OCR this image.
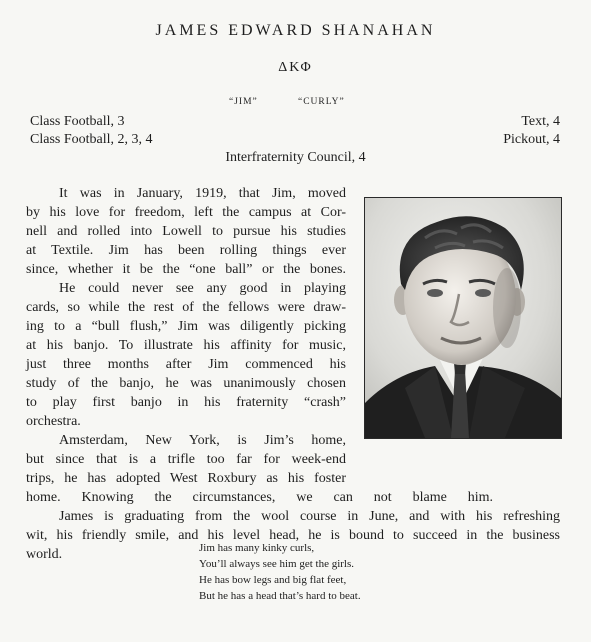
JAMES EDWARD SHANAHAN
ΔΚΦ
“JIM”	“CURLY”
Class Football, 3
Class Football, 2, 3, 4
Text, 4
Pickout, 4
Interfraternity Council, 4
It was in January, 1919, that Jim, moved
by his love for freedom, left the campus at Cor-
nell and rolled into Lowell to pursue his studies
at Textile. Jim has been rolling things ever
since, whether it be the “one ball” or the bones.
He could never see any good in playing
cards, so while the rest of the fellows were draw-
ing to a “bull flush,” Jim was diligently picking
at his banjo. To illustrate his affinity for music,
just three months after Jim commenced his
study of the banjo, he was unanimously chosen
to play first banjo in his fraternity “crash”
orchestra.
Amsterdam, New York, is Jim’s home,
but since that is a trifle too far for week-end
trips, he has adopted West Roxbury as his foster
home. Knowing the circumstances, we can not blame him.
James is graduating from the wool course in June, and with his refreshing
wit, his friendly smile, and his level head, he is bound to succeed in the business
world.	Jim has many kinky curls,
You’ll always see him get the girls.
He has bow legs and big flat feet,
But he has a head that’s hard to beat.
